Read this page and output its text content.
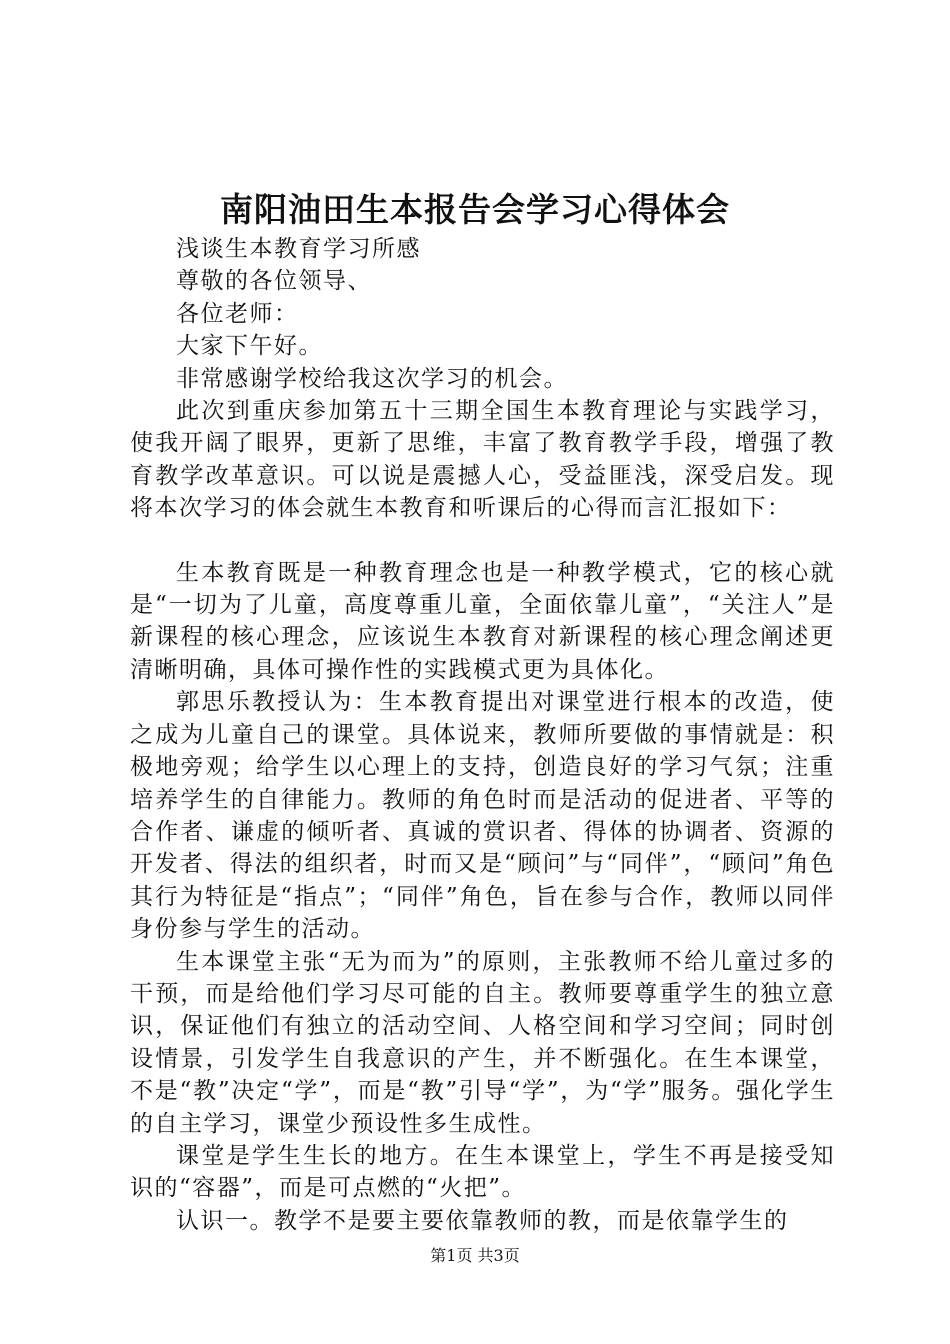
南阳油田生本报告会学习心得体会

浅谈生本教育学习所感

尊敬的各位领导、

各位老师：

大家下午好。

非常感谢学校给我这次学习的机会。

此次到重庆参加第五十三期全国生本教育理论与实践学习，使我开阔了眼界，更新了思维，丰富了教育教学手段，增强了教育教学改革意识。可以说是震撼人心，受益匪浅，深受启发。现将本次学习的体会就生本教育和听课后的心得而言汇报如下：

生本教育既是一种教育理念也是一种教学模式，它的核心就是“一切为了儿童，高度尊重儿童，全面依靠儿童”，“关注人”是新课程的核心理念，应该说生本教育对新课程的核心理念阐述更清晰明确，具体可操作性的实践模式更为具体化。

郭思乐教授认为：生本教育提出对课堂进行根本的改造，使之成为儿童自己的课堂。具体说来，教师所要做的事情就是：积极地旁观；给学生以心理上的支持，创造良好的学习气氛；注重培养学生的自律能力。教师的角色时而是活动的促进者、平等的合作者、谦虚的倾听者、真诚的赏识者、得体的协调者、资源的开发者、得法的组织者，时而又是“顾问”与“同伴”，“顾问”角色其行为特征是“指点”；“同伴”角色，旨在参与合作，教师以同伴身份参与学生的活动。

生本课堂主张“无为而为”的原则，主张教师不给儿童过多的干预，而是给他们学习尽可能的自主。教师要尊重学生的独立意识，保证他们有独立的活动空间、人格空间和学习空间；同时创设情景，引发学生自我意识的产生，并不断强化。在生本课堂，不是“教”决定“学”，而是“教”引导“学”，为“学”服务。强化学生的自主学习，课堂少预设性多生成性。

课堂是学生生长的地方。在生本课堂上，学生不再是接受知识的“容器”，而是可点燃的“火把”。

认识一。教学不是要主要依靠教师的教，而是依靠学生的

第1页 共3页
